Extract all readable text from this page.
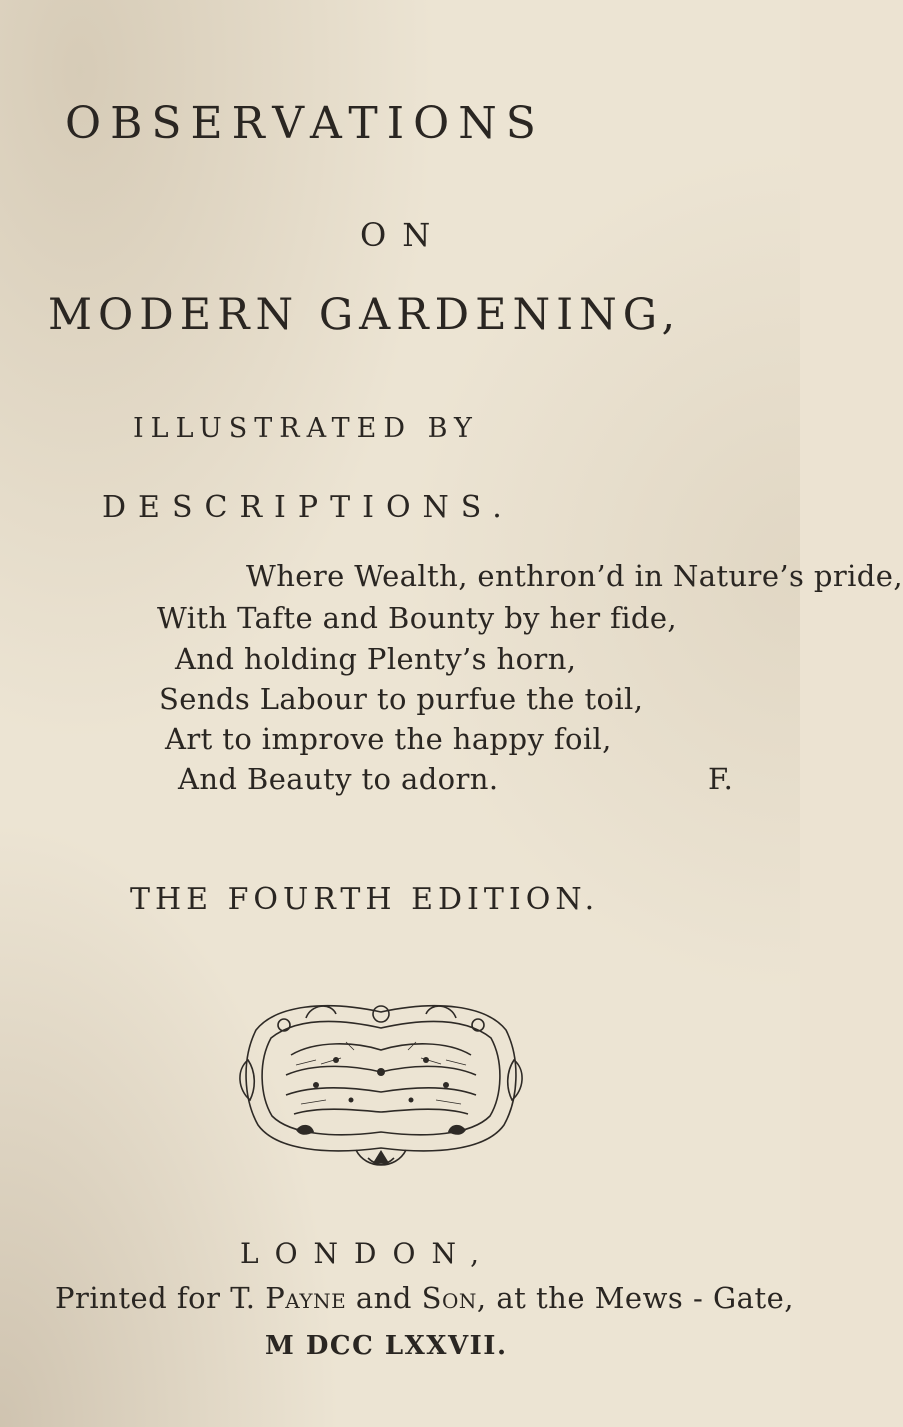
OBSERVATIONS
ON
MODERN GARDENING,
ILLUSTRATED BY
DESCRIPTIONS.
Where Wealth, enthron’d in Nature’s pride,
With Tafte and Bounty by her fide,
And holding Plenty’s horn,
Sends Labour to purfue the toil,
Art to improve the happy foil,
And Beauty to adorn.	F.
THE FOURTH EDITION.
LONDON,
Printed for T. Payne and Son, at the Mews - Gate,
M DCC LXXVII.
